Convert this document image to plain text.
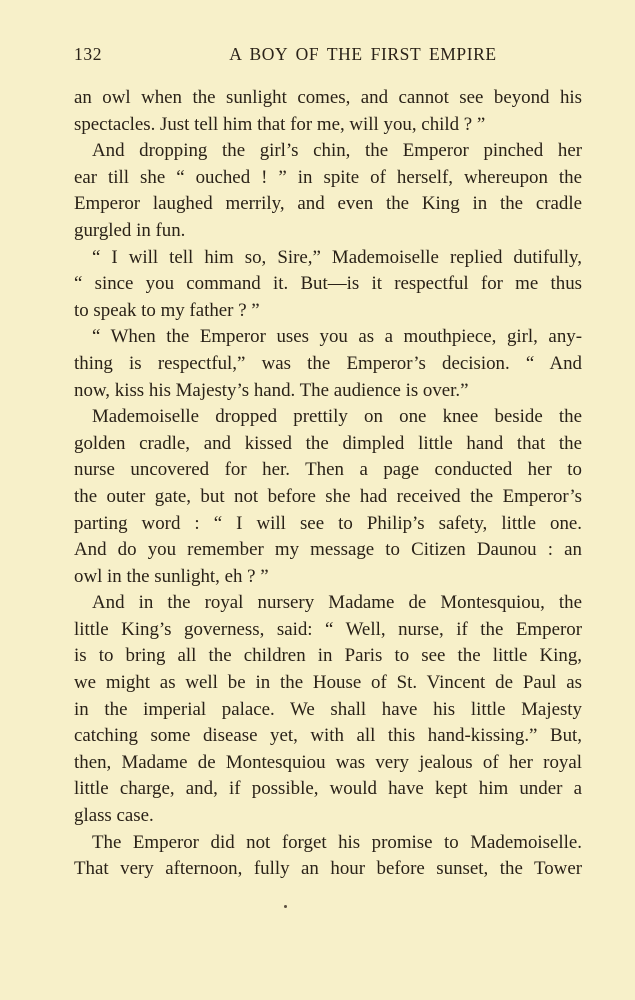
132	A BOY OF THE FIRST EMPIRE
an owl when the sunlight comes, and cannot see beyond his
spectacles. Just tell him that for me, will you, child ? ”
And dropping the girl’s chin, the Emperor pinched her
ear till she “ ouched ! ” in spite of herself, whereupon the
Emperor laughed merrily, and even the King in the cradle
gurgled in fun.
“ I will tell him so, Sire,” Mademoiselle replied dutifully,
“ since you command it. But—is it respectful for me thus
to speak to my father ? ”
“ When the Emperor uses you as a mouthpiece, girl, any-
thing is respectful,” was the Emperor’s decision. “ And
now, kiss his Majesty’s hand. The audience is over.”
Mademoiselle dropped prettily on one knee beside the
golden cradle, and kissed the dimpled little hand that the
nurse uncovered for her. Then a page conducted her to
the outer gate, but not before she had received the Emperor’s
parting word : “ I will see to Philip’s safety, little one.
And do you remember my message to Citizen Daunou : an
owl in the sunlight, eh ? ”
And in the royal nursery Madame de Montesquiou, the
little King’s governess, said: “ Well, nurse, if the Emperor
is to bring all the children in Paris to see the little King,
we might as well be in the House of St. Vincent de Paul as
in the imperial palace. We shall have his little Majesty
catching some disease yet, with all this hand-kissing.” But,
then, Madame de Montesquiou was very jealous of her royal
little charge, and, if possible, would have kept him under a
glass case.
The Emperor did not forget his promise to Mademoiselle.
That very afternoon, fully an hour before sunset, the Tower
